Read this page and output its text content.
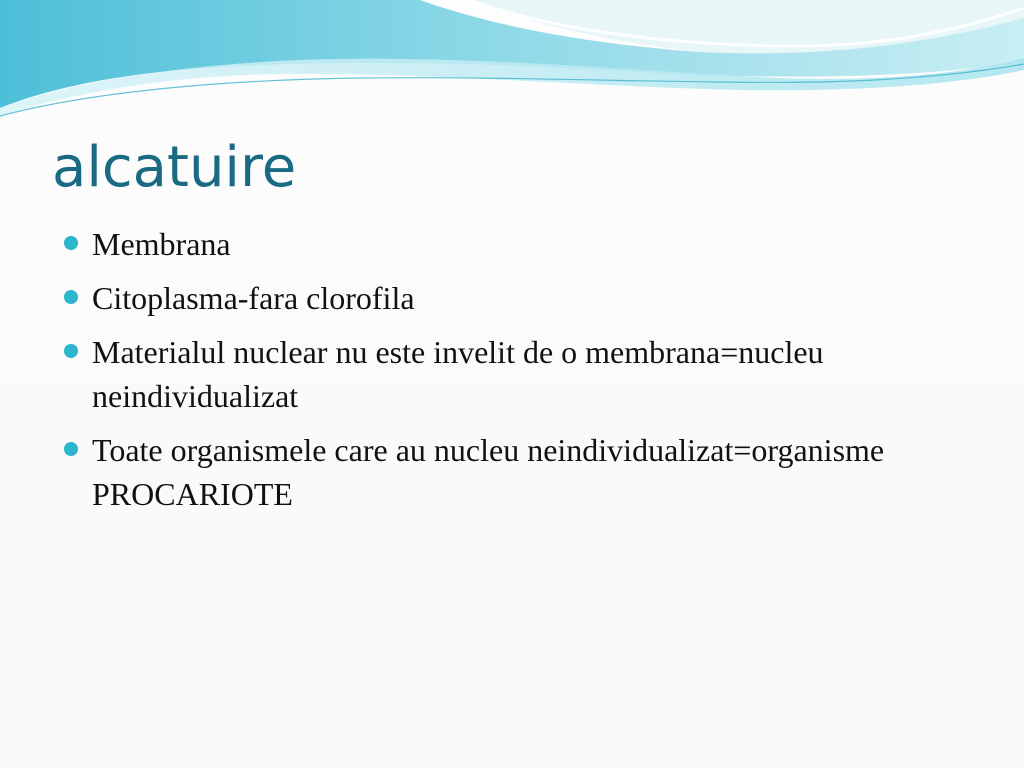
alcatuire
Membrana
Citoplasma-fara clorofila
Materialul nuclear nu este invelit de o membrana=nucleu neindividualizat
Toate organismele care au nucleu neindividualizat=organisme PROCARIOTE
